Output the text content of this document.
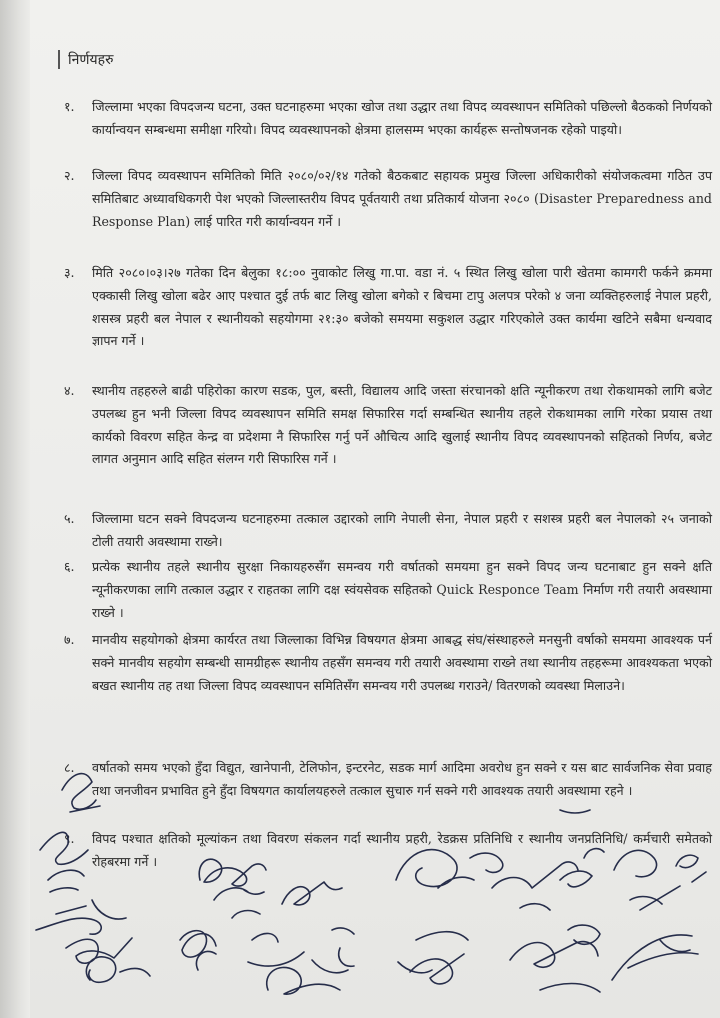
निर्णयहरु
१.	जिल्लामा भएका विपदजन्य घटना, उक्त घटनाहरुमा भएका खोज तथा उद्धार तथा विपद व्यवस्थापन समितिको पछिल्लो बैठकको निर्णयको कार्यान्वयन सम्बन्धमा समीक्षा गरियो। विपद व्यवस्थापनको क्षेत्रमा हालसम्म भएका कार्यहरू सन्तोषजनक रहेको पाइयो।
२.	जिल्ला विपद व्यवस्थापन समितिको मिति २०८०/०२/१४ गतेको बैठकबाट सहायक प्रमुख जिल्ला अधिकारीको संयोजकत्वमा गठित उप समितिबाट अध्यावधिकगरी पेश भएको जिल्लास्तरीय विपद पूर्वतयारी तथा प्रतिकार्य योजना २०८० (Disaster Preparedness and Response Plan) लाई पारित गरी कार्यान्वयन गर्ने ।
३.	मिति २०८०।०३।२७ गतेका दिन बेलुका १८:०० नुवाकोट लिखु गा.पा. वडा नं. ५ स्थित लिखु खोला पारी खेतमा कामगरी फर्कने क्रममा एक्कासी लिखु खोला बढेर आए पश्चात दुई तर्फ बाट लिखु खोला बगेको र बिचमा टापु अलपत्र परेको ४ जना व्यक्तिहरुलाई नेपाल प्रहरी, शसस्त्र प्रहरी बल नेपाल र स्थानीयको सहयोगमा २१:३० बजेको समयमा सकुशल उद्धार गरिएकोले उक्त कार्यमा खटिने सबैमा धन्यवाद ज्ञापन गर्ने ।
४.	स्थानीय तहहरुले बाढी पहिरोका कारण सडक, पुल, बस्ती, विद्यालय आदि जस्ता संरचानको क्षति न्यूनीकरण तथा रोकथामको लागि बजेट उपलब्ध हुन भनी जिल्ला विपद व्यवस्थापन समिति समक्ष सिफारिस गर्दा सम्बन्धित स्थानीय तहले रोकथामका लागि गरेका प्रयास तथा कार्यको विवरण सहित केन्द्र वा प्रदेशमा नै सिफारिस गर्नु पर्ने औचित्य आदि खुलाई स्थानीय विपद व्यवस्थापनको सहितको निर्णय, बजेट लागत अनुमान आदि सहित संलग्न गरी सिफारिस गर्ने ।
५.	जिल्लामा घटन सक्ने विपदजन्य घटनाहरुमा तत्काल उद्दारको लागि नेपाली सेना, नेपाल प्रहरी र सशस्त्र प्रहरी बल नेपालको २५ जनाको टोली तयारी अवस्थामा राख्ने।
६.	प्रत्येक स्थानीय तहले स्थानीय सुरक्षा निकायहरुसँग समन्वय गरी वर्षातको समयमा हुन सक्ने विपद जन्य घटनाबाट हुन सक्ने क्षति न्यूनीकरणका लागि तत्काल उद्धार र राहतका लागि दक्ष स्वंयसेवक सहितको Quick Responce Team निर्माण गरी तयारी अवस्थामा राख्ने ।
७.	मानवीय सहयोगको क्षेत्रमा कार्यरत तथा जिल्लाका विभिन्न विषयगत क्षेत्रमा आबद्ध संघ/संस्थाहरुले मनसुनी वर्षाको समयमा आवश्यक पर्न सक्ने मानवीय सहयोग सम्बन्धी सामग्रीहरू स्थानीय तहसँग समन्वय गरी तयारी अवस्थामा राख्ने तथा स्थानीय तहहरूमा आवश्यकता भएको बखत स्थानीय तह तथा जिल्ला विपद व्यवस्थापन समितिसँग समन्वय गरी उपलब्ध गराउने/ वितरणको व्यवस्था मिलाउने।
८.	वर्षातको समय भएको हुँदा विद्युत, खानेपानी, टेलिफोन, इन्टरनेट, सडक मार्ग आदिमा अवरोध हुन सक्ने र यस बाट सार्वजनिक सेवा प्रवाह तथा जनजीवन प्रभावित हुने हुँदा विषयगत कार्यालयहरुले तत्काल सुचारु गर्न सक्ने गरी आवश्यक तयारी अवस्थामा रहने ।
९.	विपद पश्चात क्षतिको मूल्यांकन तथा विवरण संकलन गर्दा स्थानीय प्रहरी, रेडक्रस प्रतिनिधि र स्थानीय जनप्रतिनिधि/ कर्मचारी समेतको रोहबरमा गर्ने ।
